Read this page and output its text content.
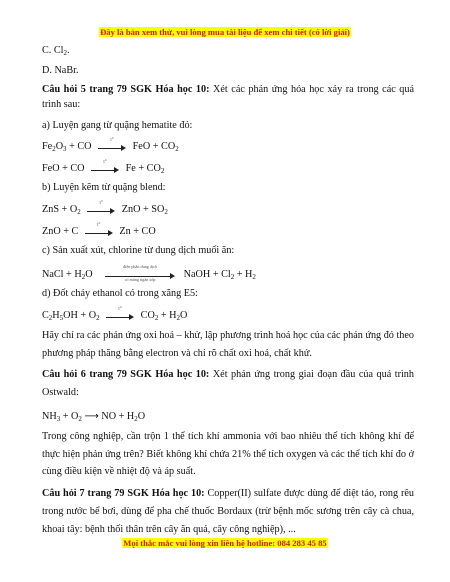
Đây là bản xem thử, vui lòng mua tài liệu để xem chi tiết (có lời giải)
C. $Cl_2$.
D. NaBr.
Câu hỏi 5 trang 79 SGK Hóa học 10: Xét các phản ứng hóa học xảy ra trong các quá trình sau:
a) Luyện gang từ quặng hematite đỏ:
$Fe_2O_3$ + CO
t°
FeO + $CO_2$
FeO + CO
t°
$Fe + CO_2$
b) Luyện kẽm từ quặng blend:
ZnS + $O_2$
t°
ZnO + $SO_2$
ZnO + C
t°
Zn + CO
c) Sản xuất xút, chlorine từ dung dịch muối ăn:
NaCl + $H_2O$
điện phân dung dịch
có màng ngăn xốp	NaOH + $Cl_2 + H_2$
d) Đốt cháy ethanol có trong xăng E5:
$C_2H_5OH + O_2$
t°
$CO_2 + H_2O$
Hãy chỉ ra các phản ứng oxi hoá – khử, lập phương trình hoá học của các phản ứng đó theo phương pháp thăng bằng electron và chỉ rõ chất oxi hoá, chất khử.
Câu hỏi 6 trang 79 SGK Hóa học 10: Xét phản ứng trong giai đoạn đầu của quá trình Ostwald:
$NH_3 + O_2$ ⟶ NO + $H_2O$
Trong công nghiệp, cần trộn 1 thể tích khí ammonia với bao nhiêu thể tích không khí để thực hiện phản ứng trên? Biết không khí chứa 21% thể tích oxygen và các thể tích khí đo ở cùng điều kiện về nhiệt độ và áp suất.
Câu hỏi 7 trang 79 SGK Hóa học 10: Copper(II) sulfate được dùng để diệt tảo, rong rêu trong nước bể bơi, dùng để pha chế thuốc Bordaux (trừ bệnh mốc sương trên cây cà chua, khoai tây: bệnh thối thân trên cây ăn quả, cây công nghiệp), ...
Mọi thắc mắc vui lòng xin liên hệ hotline: 084 283 45 85
